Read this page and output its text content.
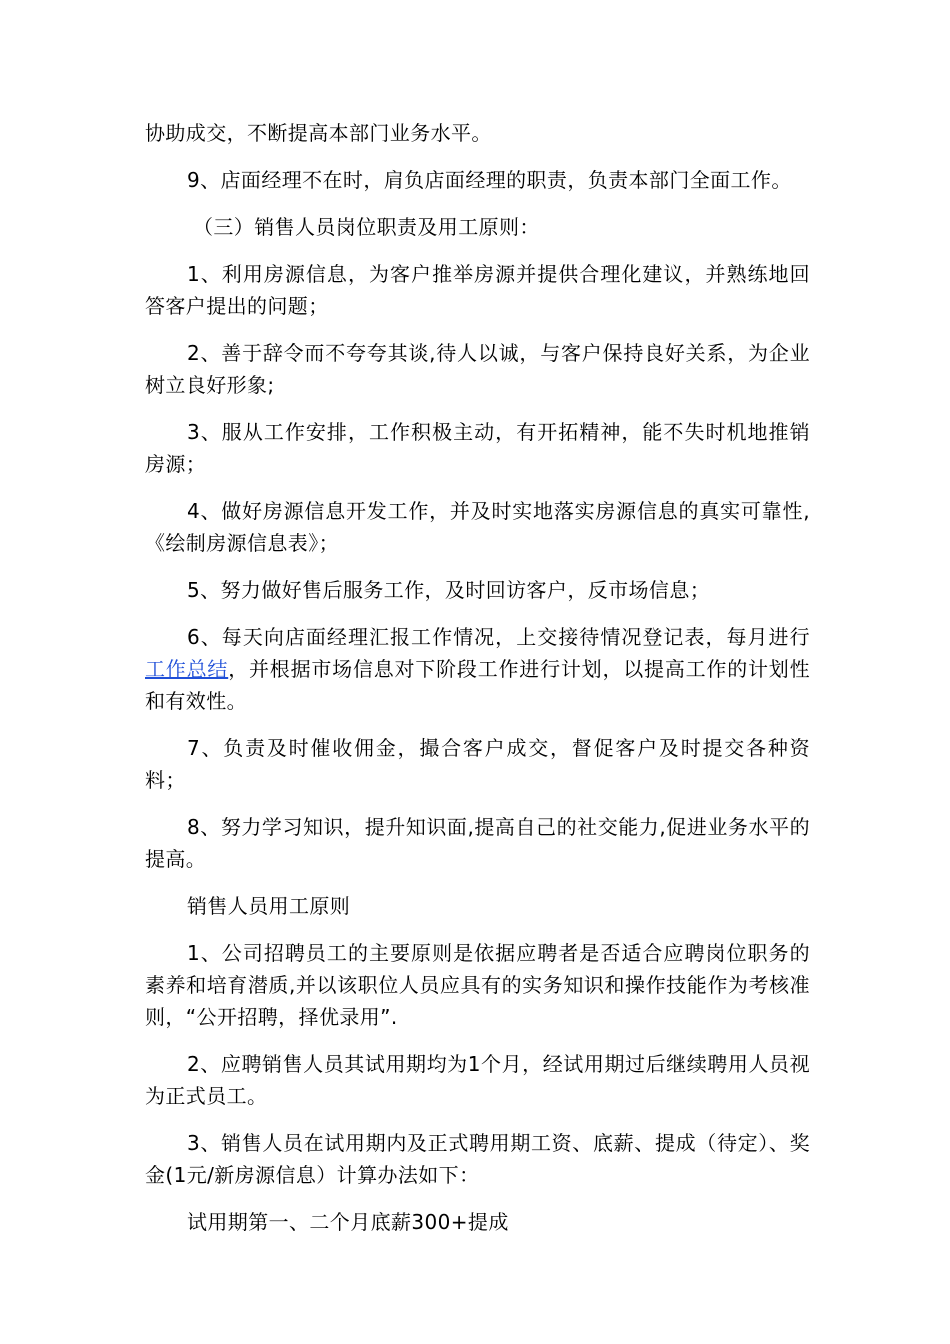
协助成交，不断提高本部门业务水平。

9、店面经理不在时，肩负店面经理的职责，负责本部门全面工作。

（三）销售人员岗位职责及用工原则：

1、利用房源信息，为客户推举房源并提供合理化建议，并熟练地回答客户提出的问题；

2、善于辞令而不夸夸其谈,待人以诚，与客户保持良好关系，为企业树立良好形象;

3、服从工作安排，工作积极主动，有开拓精神，能不失时机地推销房源；

4、做好房源信息开发工作，并及时实地落实房源信息的真实可靠性,《绘制房源信息表》；

5、努力做好售后服务工作，及时回访客户，反市场信息；

6、每天向店面经理汇报工作情况，上交接待情况登记表，每月进行工作总结，并根据市场信息对下阶段工作进行计划，以提高工作的计划性和有效性。

7、负责及时催收佣金，撮合客户成交，督促客户及时提交各种资料；

8、努力学习知识，提升知识面,提高自己的社交能力,促进业务水平的提高。

销售人员用工原则

1、公司招聘员工的主要原则是依据应聘者是否适合应聘岗位职务的素养和培育潜质,并以该职位人员应具有的实务知识和操作技能作为考核准则，“公开招聘，择优录用”.

2、应聘销售人员其试用期均为1个月，经试用期过后继续聘用人员视为正式员工。

3、销售人员在试用期内及正式聘用期工资、底薪、提成（待定）、奖金(1元/新房源信息）计算办法如下：

试用期第一、二个月底薪300+提成
